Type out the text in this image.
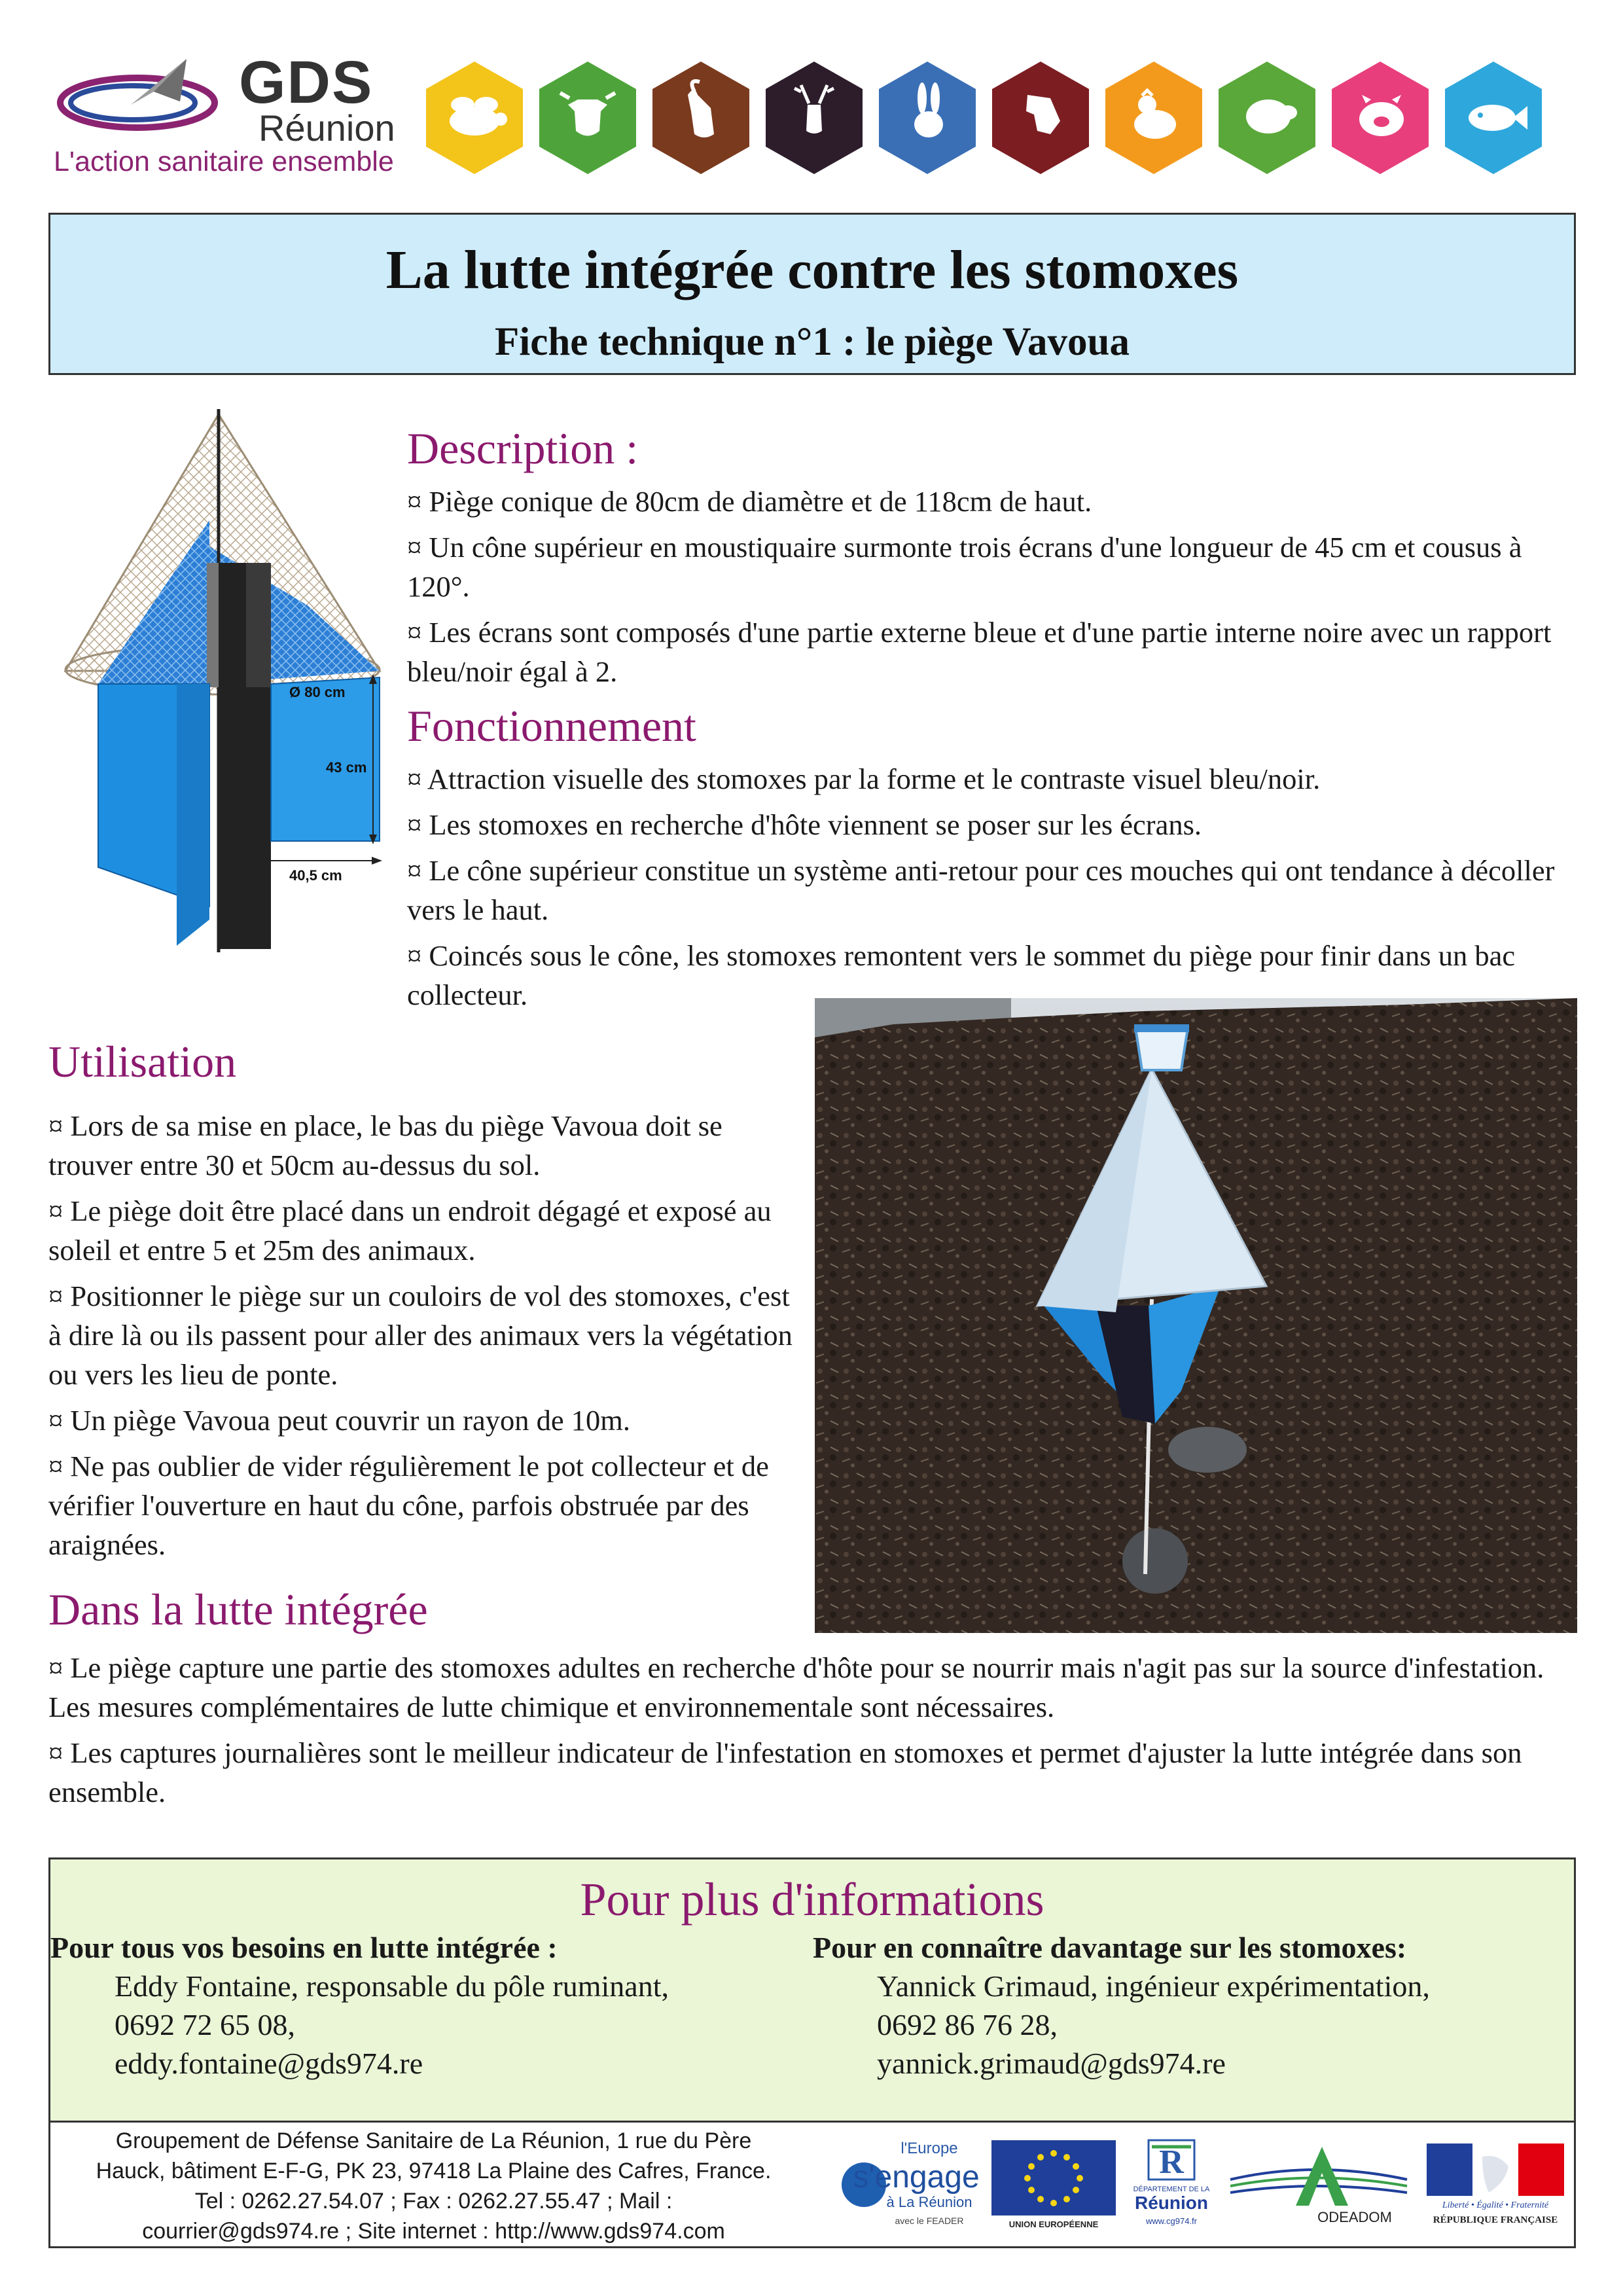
GDS
Réunion
L'action sanitaire ensemble
La lutte intégrée contre les stomoxes
Fiche technique n°1 : le piège Vavoua
Ø 80 cm
43 cm
40,5 cm
Description :

¤ Piège conique de 80cm de diamètre et de 118cm de haut.

¤ Un cône supérieur en moustiquaire surmonte trois écrans d'une longueur de 45 cm et cousus à 120°.

¤ Les écrans sont composés d'une partie externe bleue et d'une partie interne noire avec un rapport bleu/noir égal à 2.

Fonctionnement

¤ Attraction visuelle des stomoxes par la forme et le contraste visuel bleu/noir.

¤ Les stomoxes en recherche d'hôte viennent se poser sur les écrans.

¤ Le cône supérieur constitue un système anti-retour pour ces mouches qui ont tendance à décoller vers le haut.

¤ Coincés sous le cône, les stomoxes remontent vers le sommet du piège pour finir dans un bac collecteur.

Utilisation

¤ Lors de sa mise en place, le bas du piège Vavoua doit se trouver entre 30 et 50cm au-dessus du sol.

¤ Le piège doit être placé dans un endroit dégagé et exposé au soleil et entre 5 et 25m des animaux.

¤ Positionner le piège sur un couloirs de vol des stomoxes, c'est à dire là ou ils passent pour aller des animaux vers la végétation ou vers les lieu de ponte.

¤ Un piège Vavoua peut couvrir un rayon de 10m.

¤ Ne pas oublier de vider régulièrement le pot collecteur et de vérifier l'ouverture en haut du cône, parfois obstruée par des araignées.

Dans la lutte intégrée

¤ Le piège capture une partie des stomoxes adultes en recherche d'hôte pour se nourrir mais n'agit pas sur la source d'infestation. Les mesures complémentaires de lutte chimique et environnementale sont nécessaires.

¤ Les captures journalières sont le meilleur indicateur de l'infestation en stomoxes et permet d'ajuster la lutte intégrée dans son ensemble.

Pour plus d'informations
Pour tous vos besoins en lutte intégrée :
Eddy Fontaine, responsable du pôle ruminant,
0692 72 65 08,
eddy.fontaine@gds974.re
Pour en connaître davantage sur les stomoxes:
Yannick Grimaud, ingénieur expérimentation,
0692 86 76 28,
yannick.grimaud@gds974.re
Groupement de Défense Sanitaire de La Réunion, 1 rue du Père
Hauck, bâtiment E-F-G, PK 23, 97418 La Plaine des Cafres, France.
Tel : 0262.27.54.07 ; Fax : 0262.27.55.47 ; Mail :
courrier@gds974.re ; Site internet : http://www.gds974.com
l'Europe
s'engage
à La Réunion
avec le FEADER	UNION EUROPÉENNE
R
DÉPARTEMENT DE LA
Réunion
www.cg974.fr	ODEADOM
Liberté • Égalité • Fraternité
RÉPUBLIQUE FRANÇAISE
